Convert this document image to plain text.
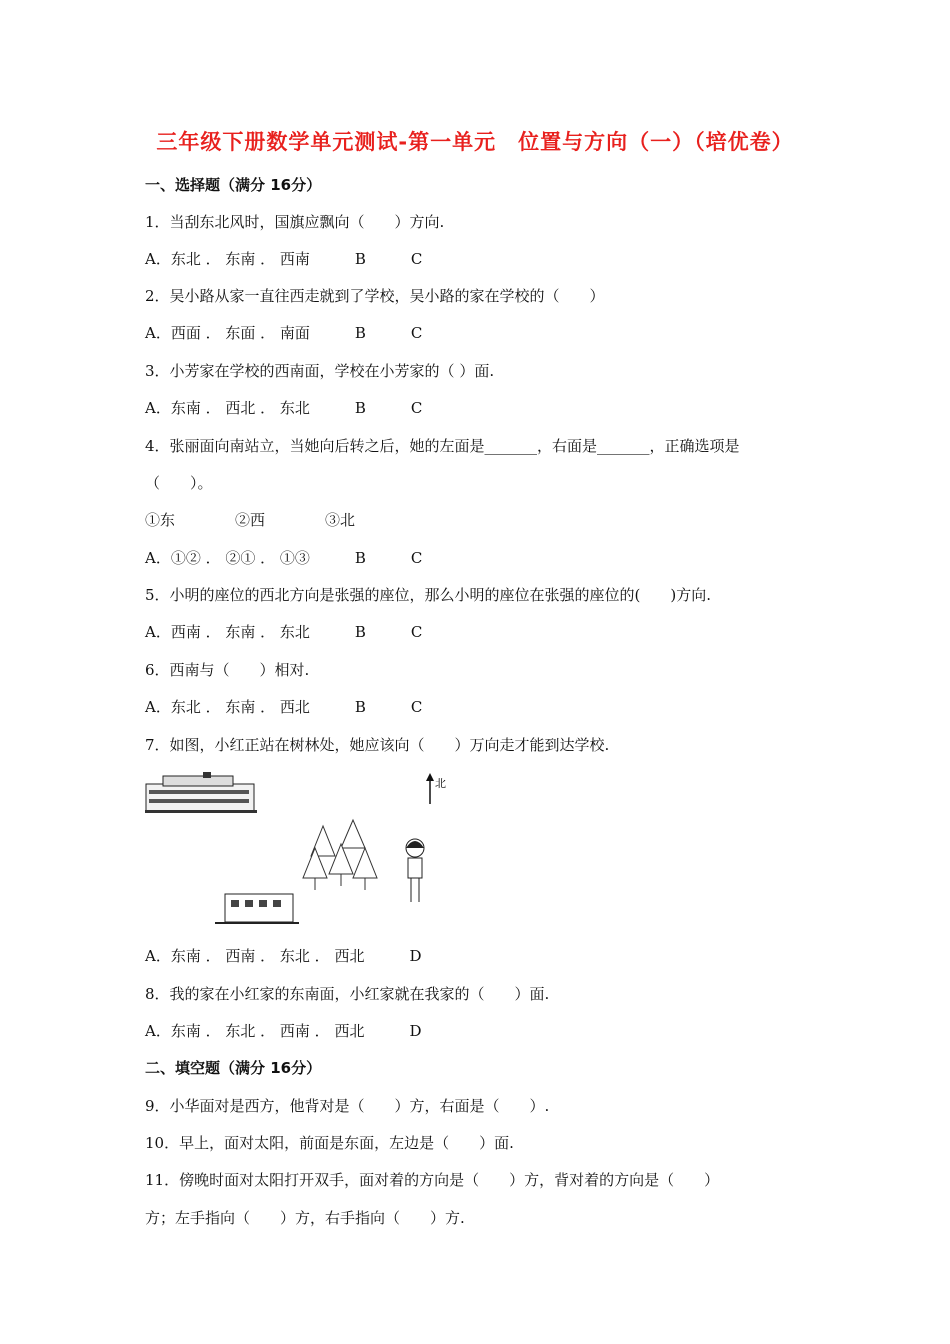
三年级下册数学单元测试-第一单元　位置与方向（一）（培优卷）
一、选择题（满分 16分）
1．当刮东北风时，国旗应飘向（　　）方向.
A．东北 ． 东南 ． 西南　　　B　　　C
2．吴小路从家一直往西走就到了学校，吴小路的家在学校的（　　）
A．西面 ． 东面 ． 南面　　　B　　　C
3．小芳家在学校的西南面，学校在小芳家的（ ）面.
A．东南 ． 西北 ． 东北　　　B　　　C
4．张丽面向南站立，当她向后转之后，她的左面是_______，右面是_______，正确选项是
（　　）。
①东　　　　②西　　　　③北
A．①② ． ②① ． ①③　　　B　　　C
5．小明的座位的西北方向是张强的座位，那么小明的座位在张强的座位的(　　)方向.
A．西南 ． 东南 ． 东北　　　B　　　C
6．西南与（　　）相对.
A．东北 ． 东南 ． 西北　　　B　　　C
7．如图，小红正站在树林处，她应该向（　　）万向走才能到达学校.
北
A．东南 ． 西南 ． 东北 ． 西北　　　D
8．我的家在小红家的东南面，小红家就在我家的（　　）面.
A．东南 ． 东北 ． 西南 ． 西北　　　D
二、填空题（满分 16分）
9．小华面对是西方，他背对是（　　）方，右面是（　　）.
10．早上，面对太阳，前面是东面，左边是（　　）面.
11．傍晚时面对太阳打开双手，面对着的方向是（　　）方，背对着的方向是（　　）
方；左手指向（　　）方，右手指向（　　）方.
